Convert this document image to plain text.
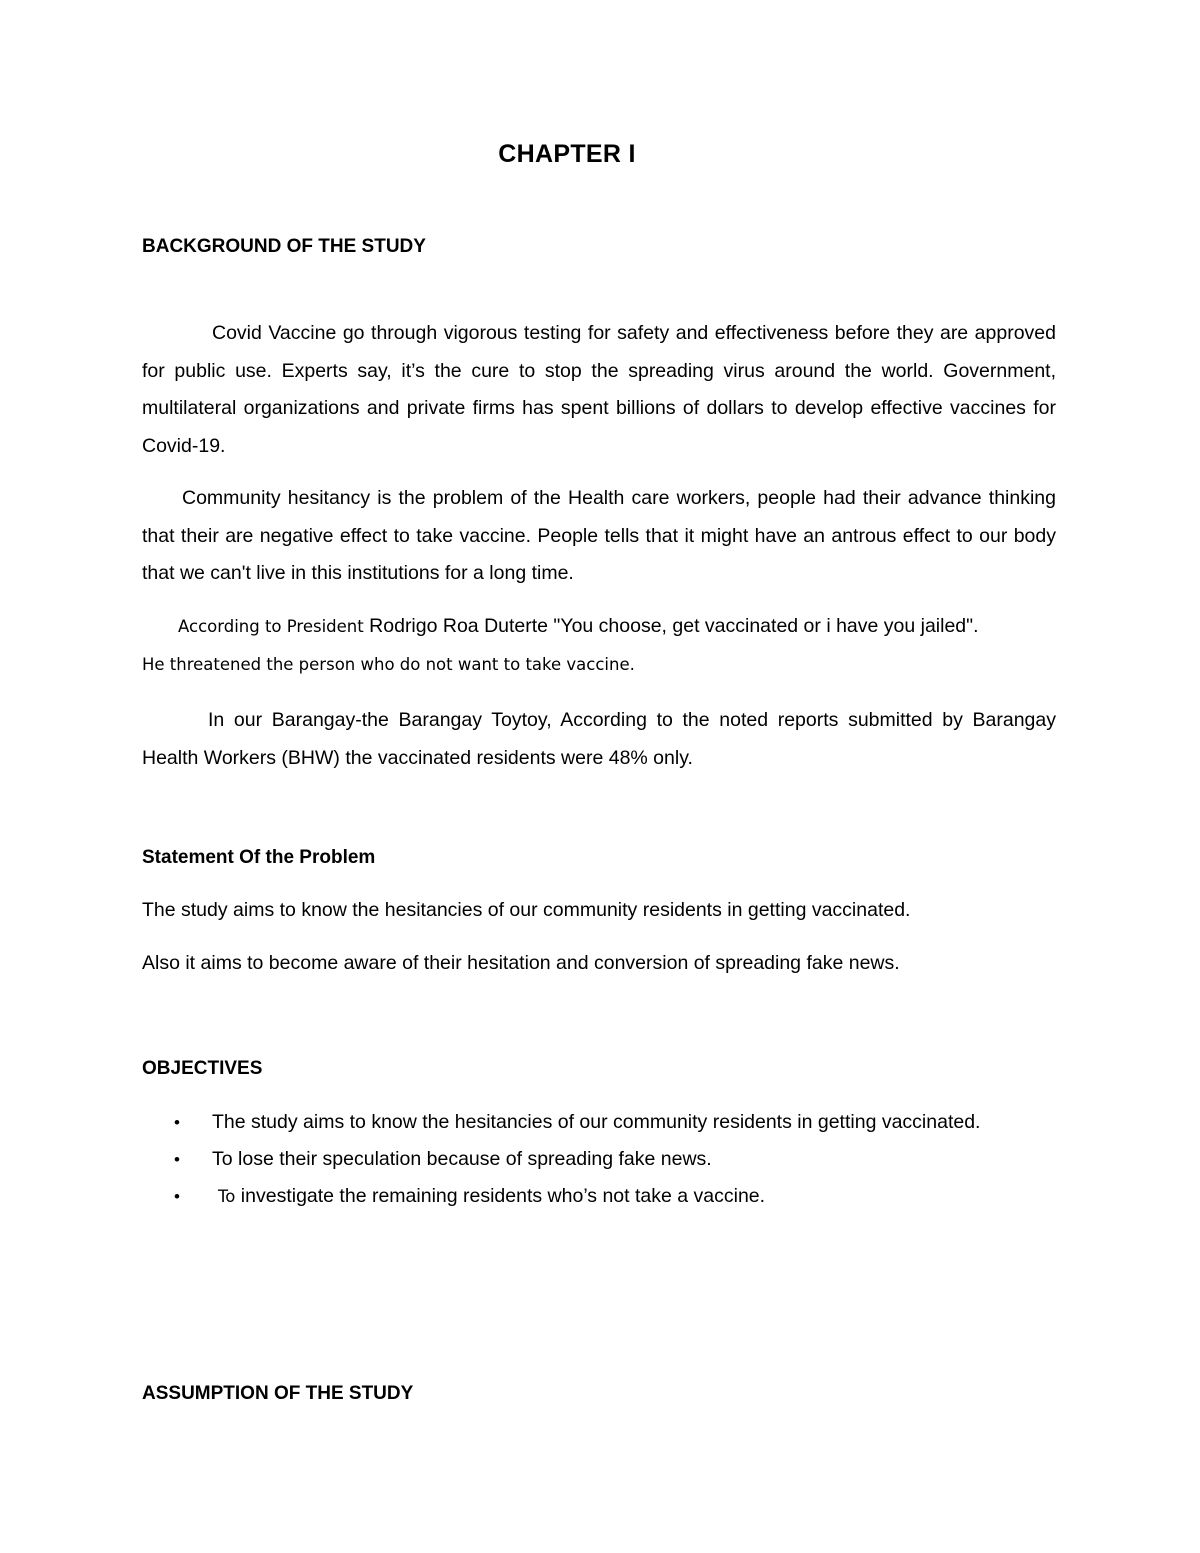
CHAPTER I
BACKGROUND OF THE STUDY

Covid Vaccine go through vigorous testing for safety and effectiveness before they are approved for public use. Experts say, it’s the cure to stop the spreading virus around the world. Government, multilateral organizations and private firms has spent billions of dollars to develop effective vaccines for Covid-19.

Community hesitancy is the problem of the Health care workers, people had their advance thinking that their are negative effect to take vaccine. People tells that it might have an antrous effect to our body that we can't live in this institutions for a long time.

According to President Rodrigo Roa Duterte "You choose, get vaccinated or i have you jailed".
He threatened the person who do not want to take vaccine.

In our Barangay-the Barangay Toytoy, According to the noted reports submitted by Barangay Health Workers (BHW) the vaccinated residents were 48% only.

Statement Of the Problem

The study aims to know the hesitancies of our community residents in getting vaccinated.

Also it aims to become aware of their hesitation and conversion of spreading fake news.

OBJECTIVES
• The study aims to know the hesitancies of our community residents in getting vaccinated.
• To lose their speculation because of spreading fake news.
• To investigate the remaining residents who’s not take a vaccine.
ASSUMPTION OF THE STUDY
